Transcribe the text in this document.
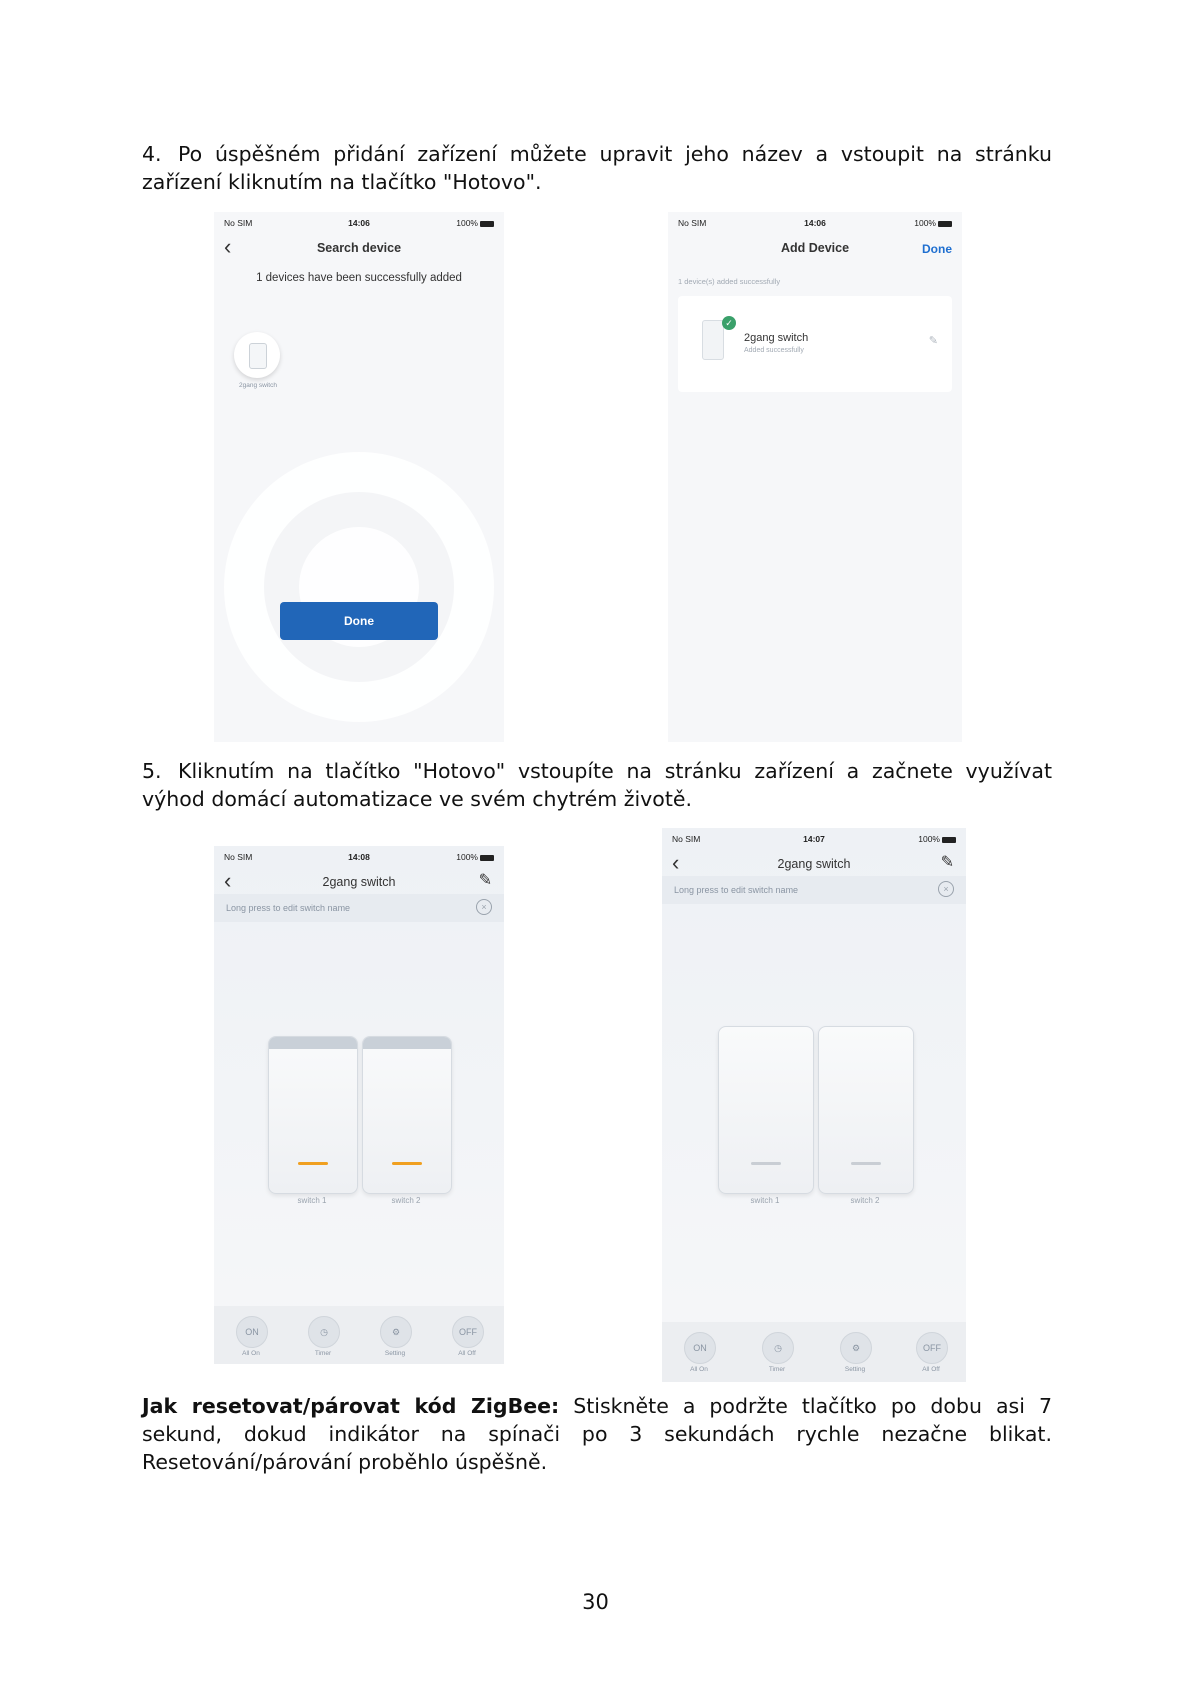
4. Po úspěšném přidání zařízení můžete upravit jeho název a vstoupit na stránku zařízení kliknutím na tlačítko "Hotovo".

No SIM	14:06	100%
‹	Search device
1 devices have been successfully added
2gang switch
Done
No SIM	14:06	100%
Add Device	Done
1 device(s) added successfully
✓
2gang switch
Added successfully
✎

5. Kliknutím na tlačítko "Hotovo" vstoupíte na stránku zařízení a začnete využívat výhod domácí automatizace ve svém chytrém životě.

No SIM	14:08	100%
‹	2gang switch	✎
Long press to edit switch name	×
switch 1	switch 2
ON	◷	⚙	OFF
All On	Timer	Setting	All Off
No SIM	14:07	100%
‹	2gang switch	✎
Long press to edit switch name	×
switch 1	switch 2
ON	◷	⚙	OFF
All On	Timer	Setting	All Off

Jak resetovat/párovat kód ZigBee: Stiskněte a podržte tlačítko po dobu asi 7 sekund, dokud indikátor na spínači po 3 sekundách rychle nezačne blikat. Resetování/párování proběhlo úspěšně.

30
